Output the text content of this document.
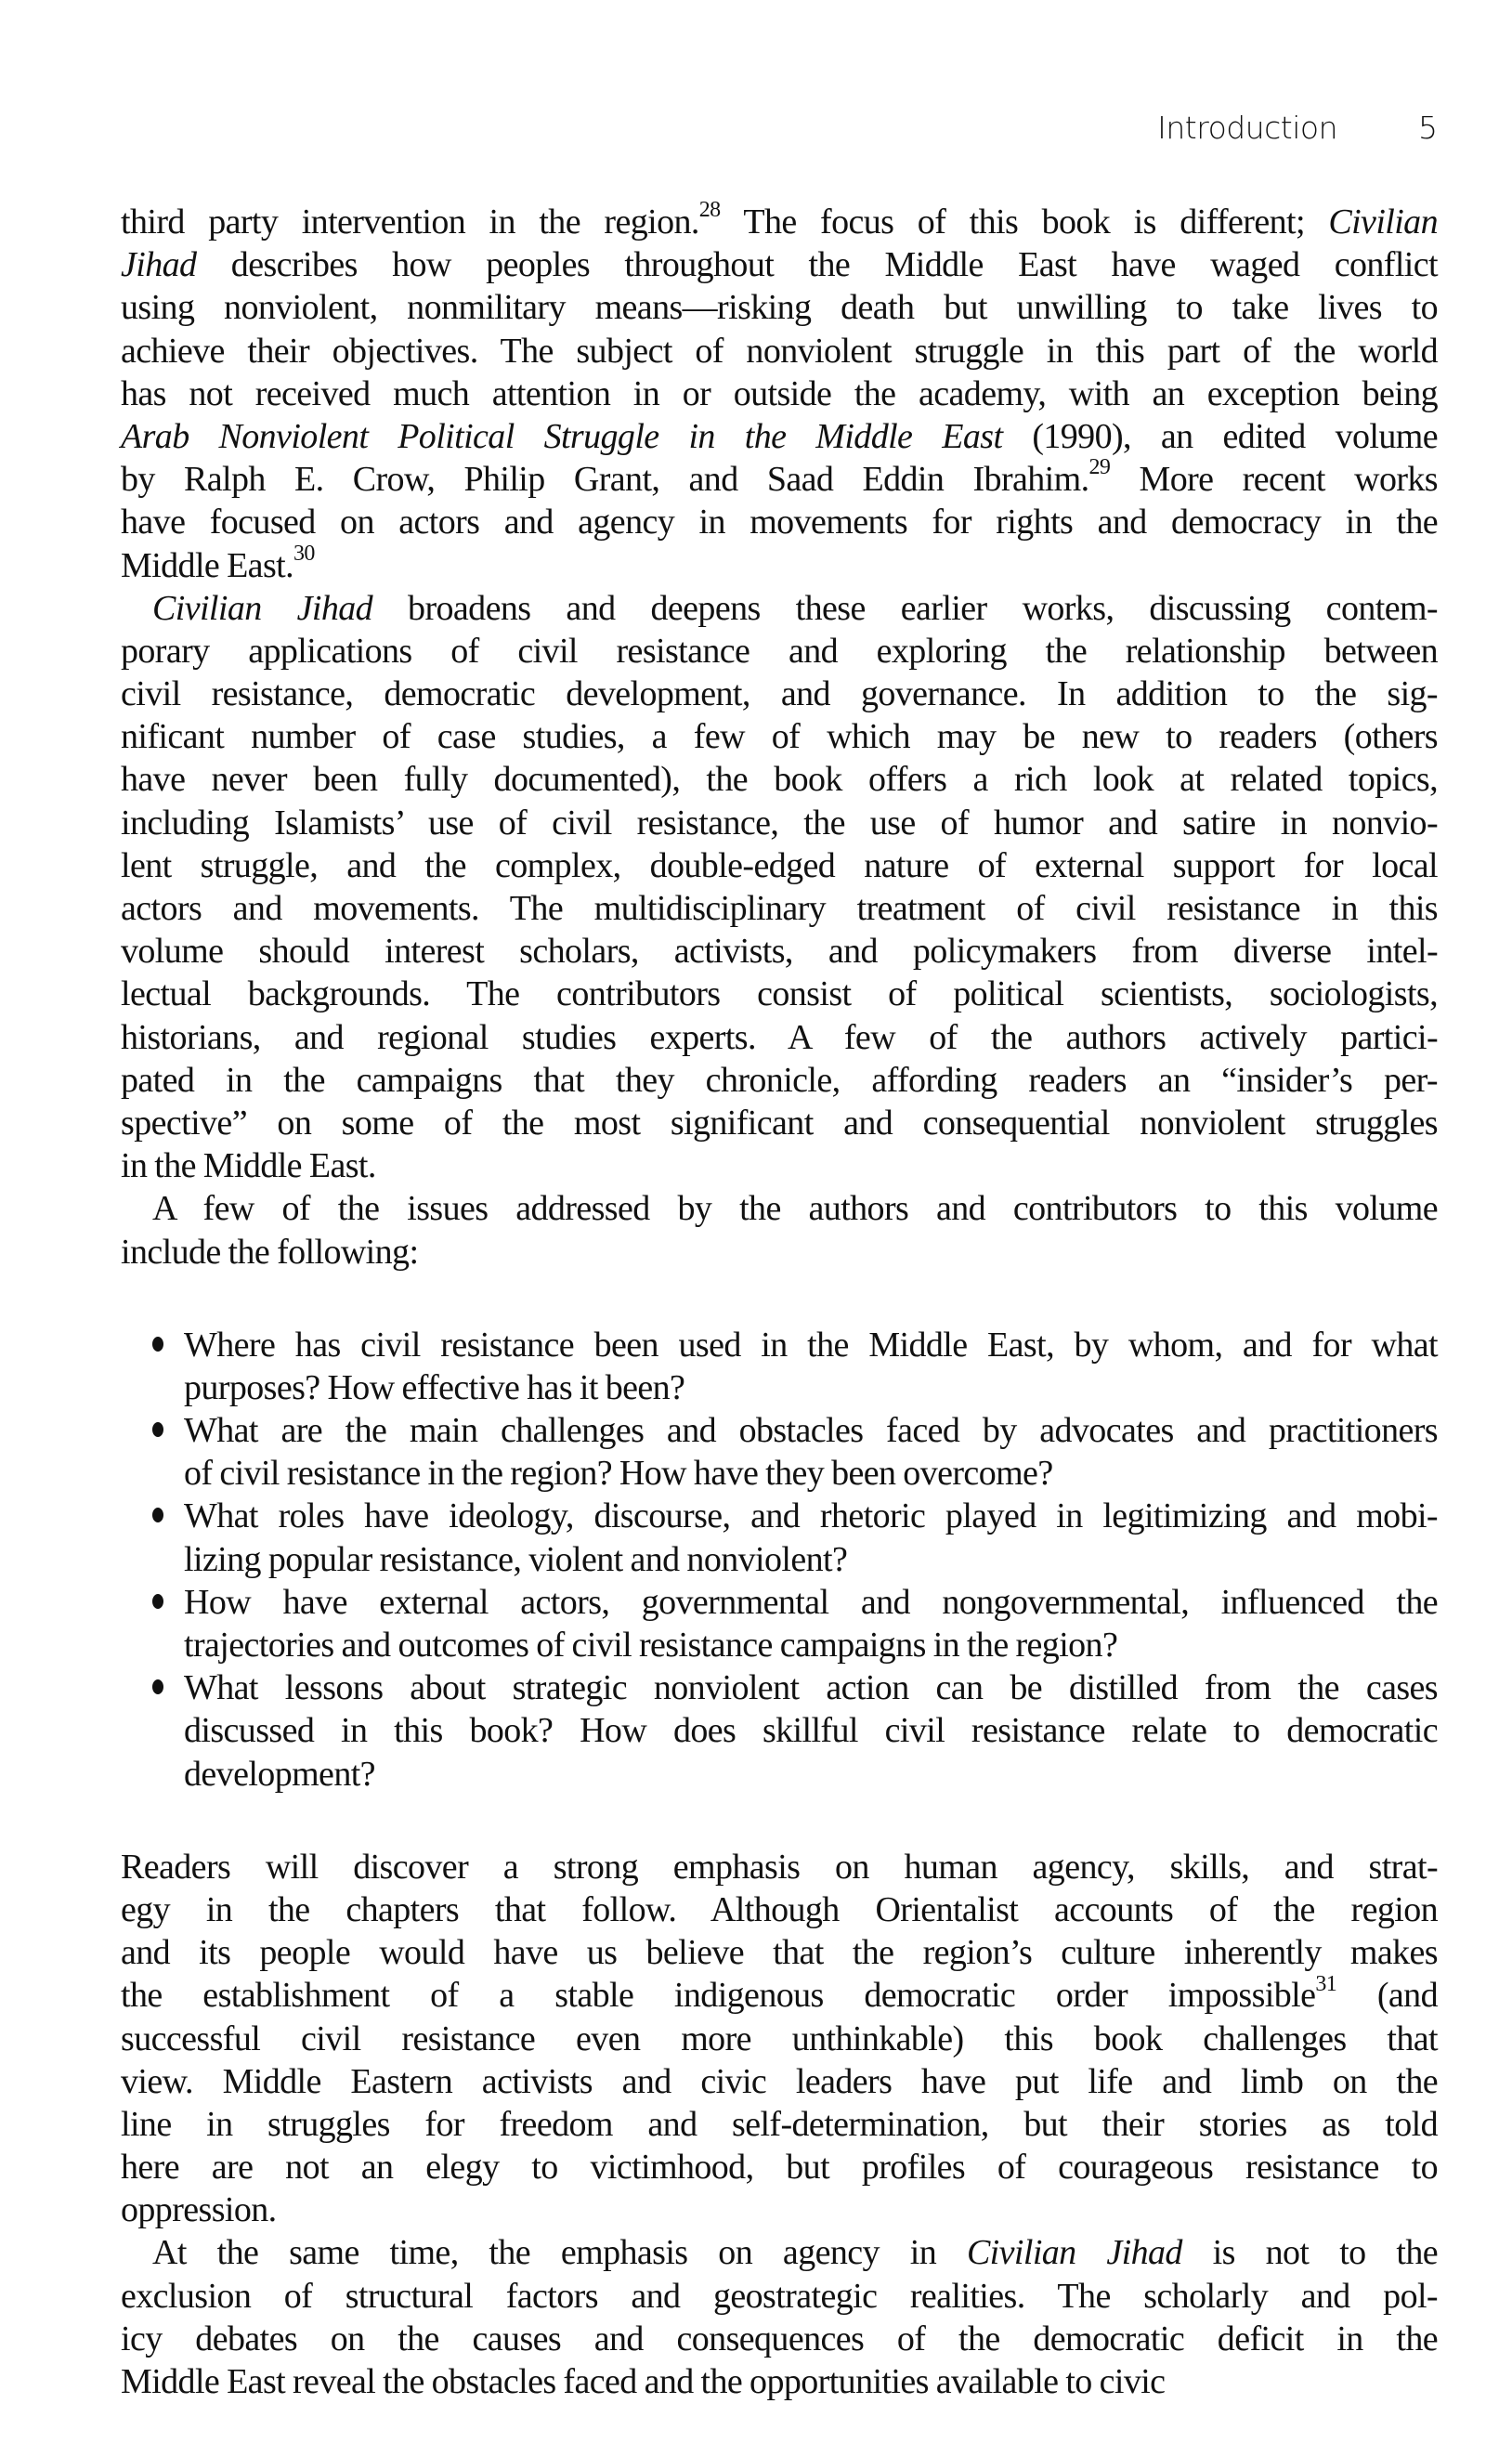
Introduction	5
third party intervention in the region.$^{28}$ The focus of this book is different; Civilian
Jihad describes how peoples throughout the Middle East have waged conflict
using nonviolent, nonmilitary means—risking death but unwilling to take lives to
achieve their objectives. The subject of nonviolent struggle in this part of the world
has not received much attention in or outside the academy, with an exception being
Arab Nonviolent Political Struggle in the Middle East (1990), an edited volume
by Ralph E. Crow, Philip Grant, and Saad Eddin Ibrahim.$^{29}$ More recent works
have focused on actors and agency in movements for rights and democracy in the
Middle East.$^{30}$
Civilian Jihad broadens and deepens these earlier works, discussing contem-
porary applications of civil resistance and exploring the relationship between
civil resistance, democratic development, and governance. In addition to the sig-
nificant number of case studies, a few of which may be new to readers (others
have never been fully documented), the book offers a rich look at related topics,
including Islamists’ use of civil resistance, the use of humor and satire in nonvio-
lent struggle, and the complex, double-edged nature of external support for local
actors and movements. The multidisciplinary treatment of civil resistance in this
volume should interest scholars, activists, and policymakers from diverse intel-
lectual backgrounds. The contributors consist of political scientists, sociologists,
historians, and regional studies experts. A few of the authors actively partici-
pated in the campaigns that they chronicle, affording readers an “insider’s per-
spective” on some of the most significant and consequential nonviolent struggles
in the Middle East.
A few of the issues addressed by the authors and contributors to this volume
include the following:
Where has civil resistance been used in the Middle East, by whom, and for what
purposes? How effective has it been?
What are the main challenges and obstacles faced by advocates and practitioners
of civil resistance in the region? How have they been overcome?
What roles have ideology, discourse, and rhetoric played in legitimizing and mobi-
lizing popular resistance, violent and nonviolent?
How have external actors, governmental and nongovernmental, influenced the
trajectories and outcomes of civil resistance campaigns in the region?
What lessons about strategic nonviolent action can be distilled from the cases
discussed in this book? How does skillful civil resistance relate to democratic
development?
Readers will discover a strong emphasis on human agency, skills, and strat-
egy in the chapters that follow. Although Orientalist accounts of the region
and its people would have us believe that the region’s culture inherently makes
the establishment of a stable indigenous democratic order impossible$^{31}$ (and
successful civil resistance even more unthinkable) this book challenges that
view. Middle Eastern activists and civic leaders have put life and limb on the
line in struggles for freedom and self-determination, but their stories as told
here are not an elegy to victimhood, but profiles of courageous resistance to
oppression.
At the same time, the emphasis on agency in Civilian Jihad is not to the
exclusion of structural factors and geostrategic realities. The scholarly and pol-
icy debates on the causes and consequences of the democratic deficit in the
Middle East reveal the obstacles faced and the opportunities available to civic
